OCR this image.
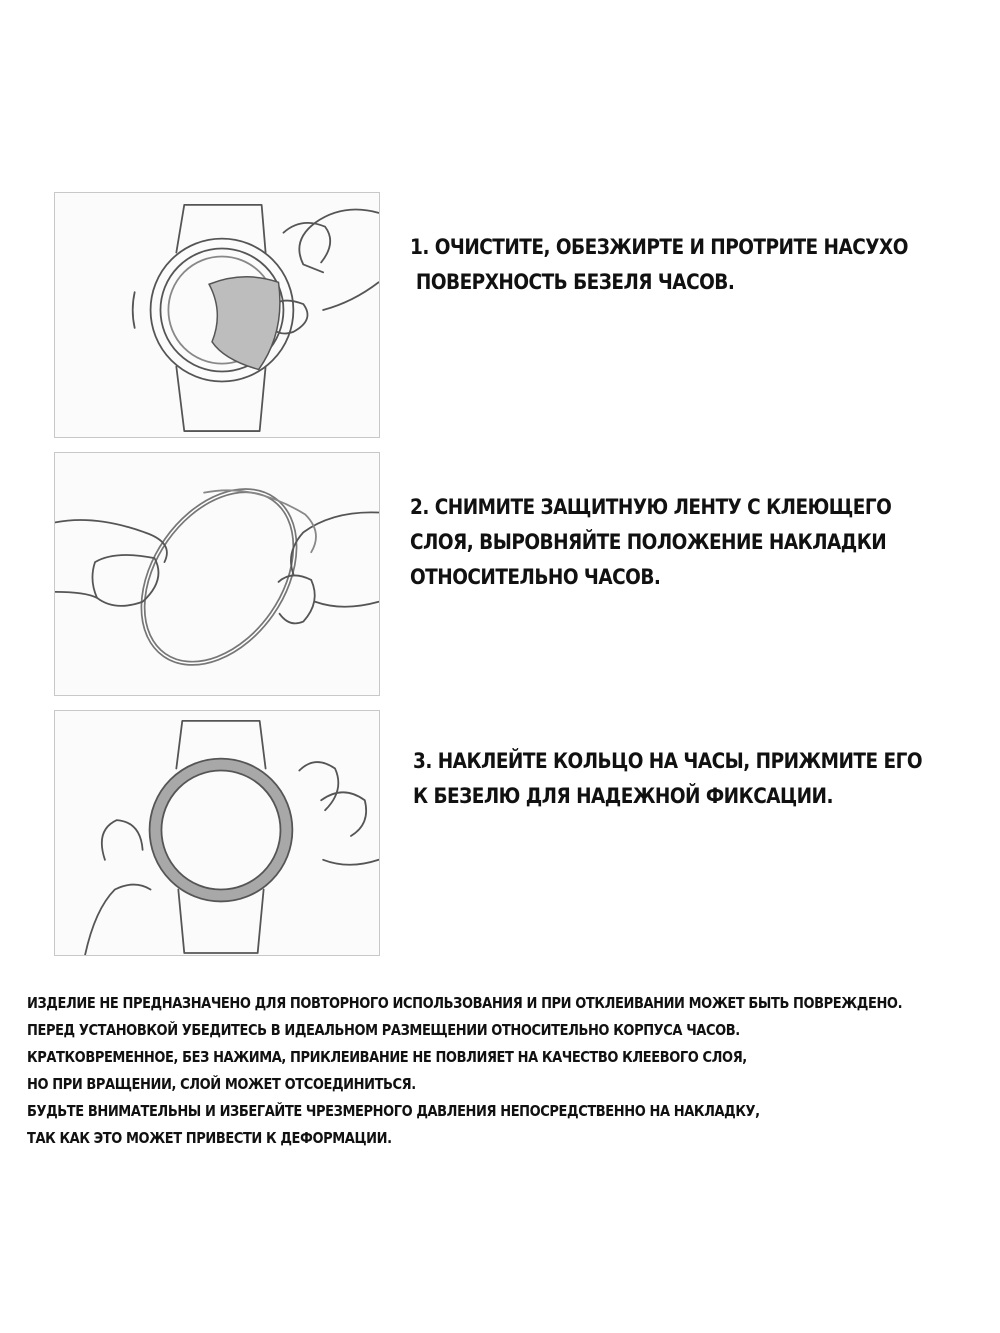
1. ОЧИСТИТЕ, ОБЕЗЖИРТЕ И ПРОТРИТЕ НАСУХО
ПОВЕРХНОСТЬ БЕЗЕЛЯ ЧАСОВ.

2. СНИМИТЕ ЗАЩИТНУЮ ЛЕНТУ С КЛЕЮЩЕГО
СЛОЯ, ВЫРОВНЯЙТЕ ПОЛОЖЕНИЕ НАКЛАДКИ
ОТНОСИТЕЛЬНО ЧАСОВ.

3. НАКЛЕЙТЕ КОЛЬЦО НА ЧАСЫ, ПРИЖМИТЕ ЕГО
К БЕЗЕЛЮ ДЛЯ НАДЕЖНОЙ ФИКСАЦИИ.

ИЗДЕЛИЕ НЕ ПРЕДНАЗНАЧЕНО ДЛЯ ПОВТОРНОГО ИСПОЛЬЗОВАНИЯ И ПРИ ОТКЛЕИВАНИИ МОЖЕТ БЫТЬ ПОВРЕЖДЕНО.
ПЕРЕД УСТАНОВКОЙ УБЕДИТЕСЬ В ИДЕАЛЬНОМ РАЗМЕЩЕНИИ ОТНОСИТЕЛЬНО КОРПУСА ЧАСОВ.
КРАТКОВРЕМЕННОЕ, БЕЗ НАЖИМА, ПРИКЛЕИВАНИЕ НЕ ПОВЛИЯЕТ НА КАЧЕСТВО КЛЕЕВОГО СЛОЯ,
НО ПРИ ВРАЩЕНИИ, СЛОЙ МОЖЕТ ОТСОЕДИНИТЬСЯ.
БУДЬТЕ ВНИМАТЕЛЬНЫ И ИЗБЕГАЙТЕ ЧРЕЗМЕРНОГО ДАВЛЕНИЯ НЕПОСРЕДСТВЕННО НА НАКЛАДКУ,
ТАК КАК ЭТО МОЖЕТ ПРИВЕСТИ К ДЕФОРМАЦИИ.
